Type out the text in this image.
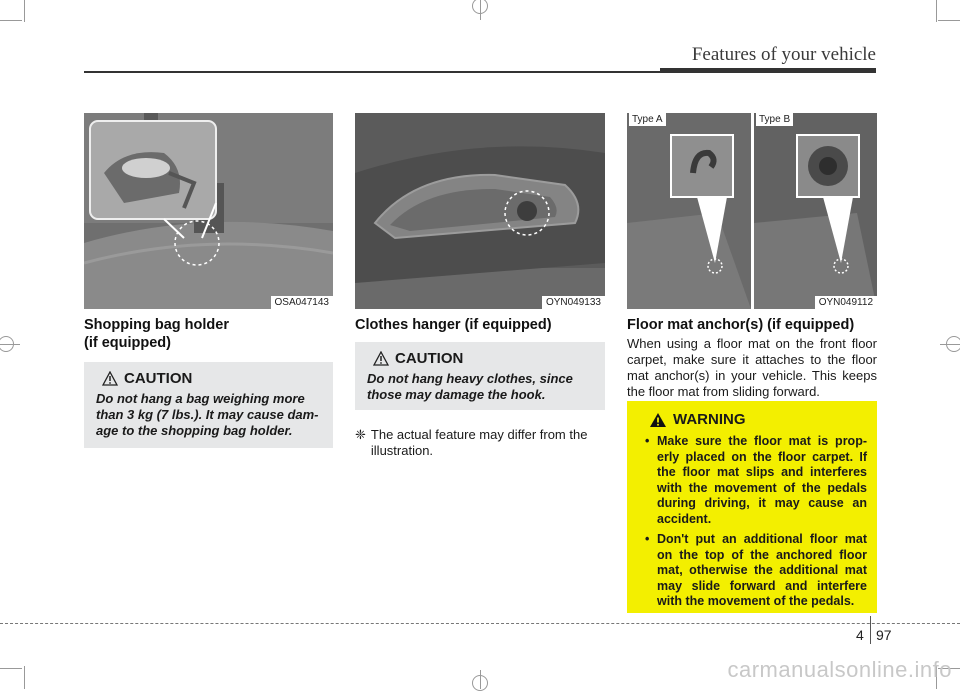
Features of your vehicle
OSA047143	OYN049133	OYN049112
Type A	Type B
Shopping bag holder
(if equipped)
CAUTION
Do not hang a bag weighing more than 3 kg (7 lbs.). It may cause dam- age to the shopping bag holder.
Clothes hanger (if equipped)
CAUTION
Do not hang heavy clothes, since those may damage the hook.
❈ The actual feature may differ from the illustration.
Floor mat anchor(s) (if equipped)
When using a floor mat on the front floor carpet, make sure it attaches to the floor mat anchor(s) in your vehicle. This keeps the floor mat from sliding forward.
WARNING
• Make sure the floor mat is prop- erly placed on the floor carpet. If the floor mat slips and interferes with the movement of the pedals during driving, it may cause an accident.
• Don't put an additional floor mat on the top of the anchored floor mat, otherwise the additional mat may slide forward and interfere with the movement of the pedals.
4 97
carmanualsonline.info
